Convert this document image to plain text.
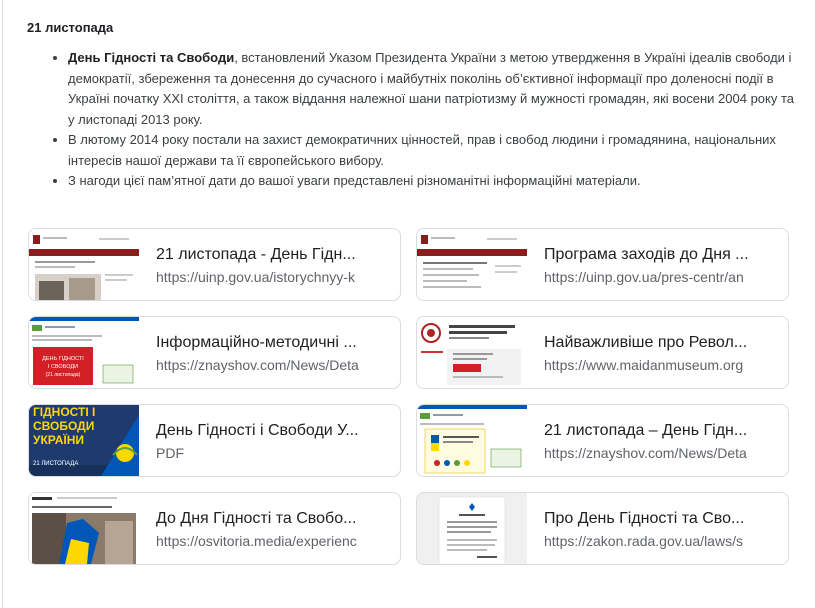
21 листопада
• День Гідності та Свободи, встановлений Указом Президента України з метою утвердження в Україні ідеалів свободи і демократії, збереження та донесення до сучасного і майбутніх поколінь об’єктивної інформації про доленосні події в Україні початку XXI століття, а також віддання належної шани патріотизму й мужності громадян, які восени 2004 року та у листопаді 2013 року.
• В лютому 2014 року постали на захист демократичних цінностей, прав і свобод людини і громадянина, національних інтересів нашої держави та її європейського вибору.
• З нагоди цієї пам’ятної дати до вашої уваги представлені різноманітні інформаційні матеріали.
21 листопада - День Гідн...
https://uinp.gov.ua/istorychnyy-k
Програма заходів до Дня ...
https://uinp.gov.ua/pres-centr/an
ДЕНЬ ГІДНОСТІ
І СВОБОДИ
(21 листопада)
Інформаційно-методичні ...
https://znayshov.com/News/Deta
Найважливіше про Револ...
https://www.maidanmuseum.org
ГІДНОСТІ І
СВОБОДИ
УКРАЇНИ
21 ЛИСТОПАДА
День Гідності і Свободи У...
PDF
21 листопада – День Гідн...
https://znayshov.com/News/Deta
До Дня Гідності та Свобо...
https://osvitoria.media/experienc
Про День Гідності та Сво...
https://zakon.rada.gov.ua/laws/s
